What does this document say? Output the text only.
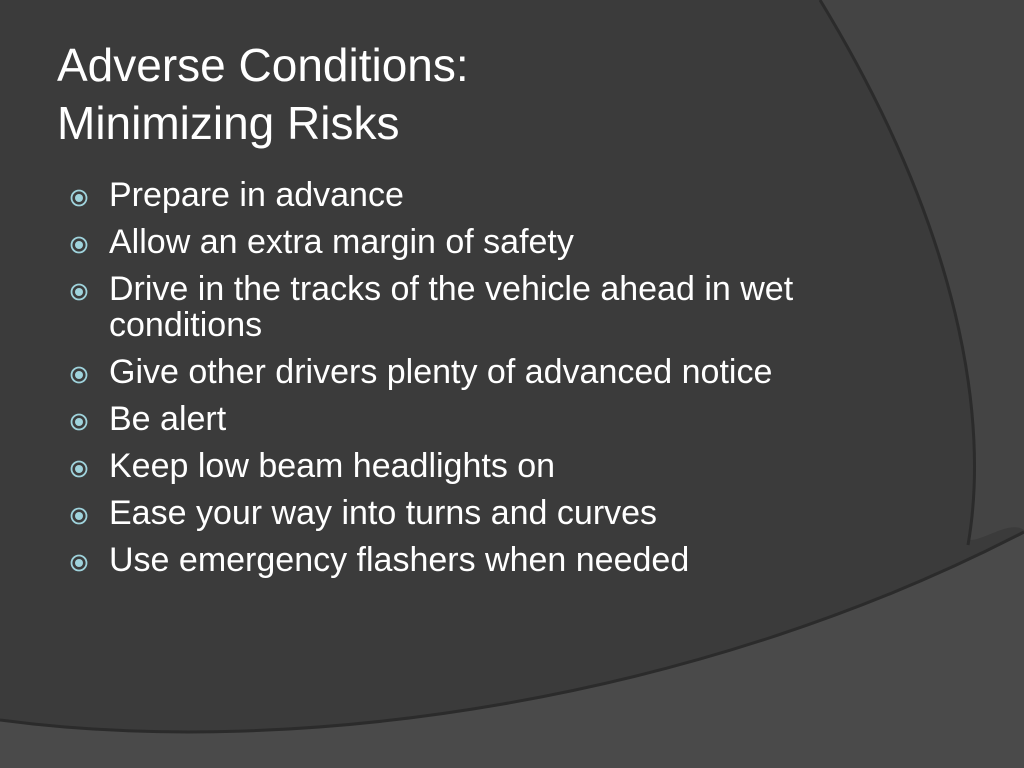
Adverse Conditions:
Minimizing Risks
Prepare in advance
Allow an extra margin of safety
Drive in the tracks of the vehicle ahead in wet conditions
Give other drivers plenty of advanced notice
Be alert
Keep low beam headlights on
Ease your way into turns and curves
Use emergency flashers when needed
